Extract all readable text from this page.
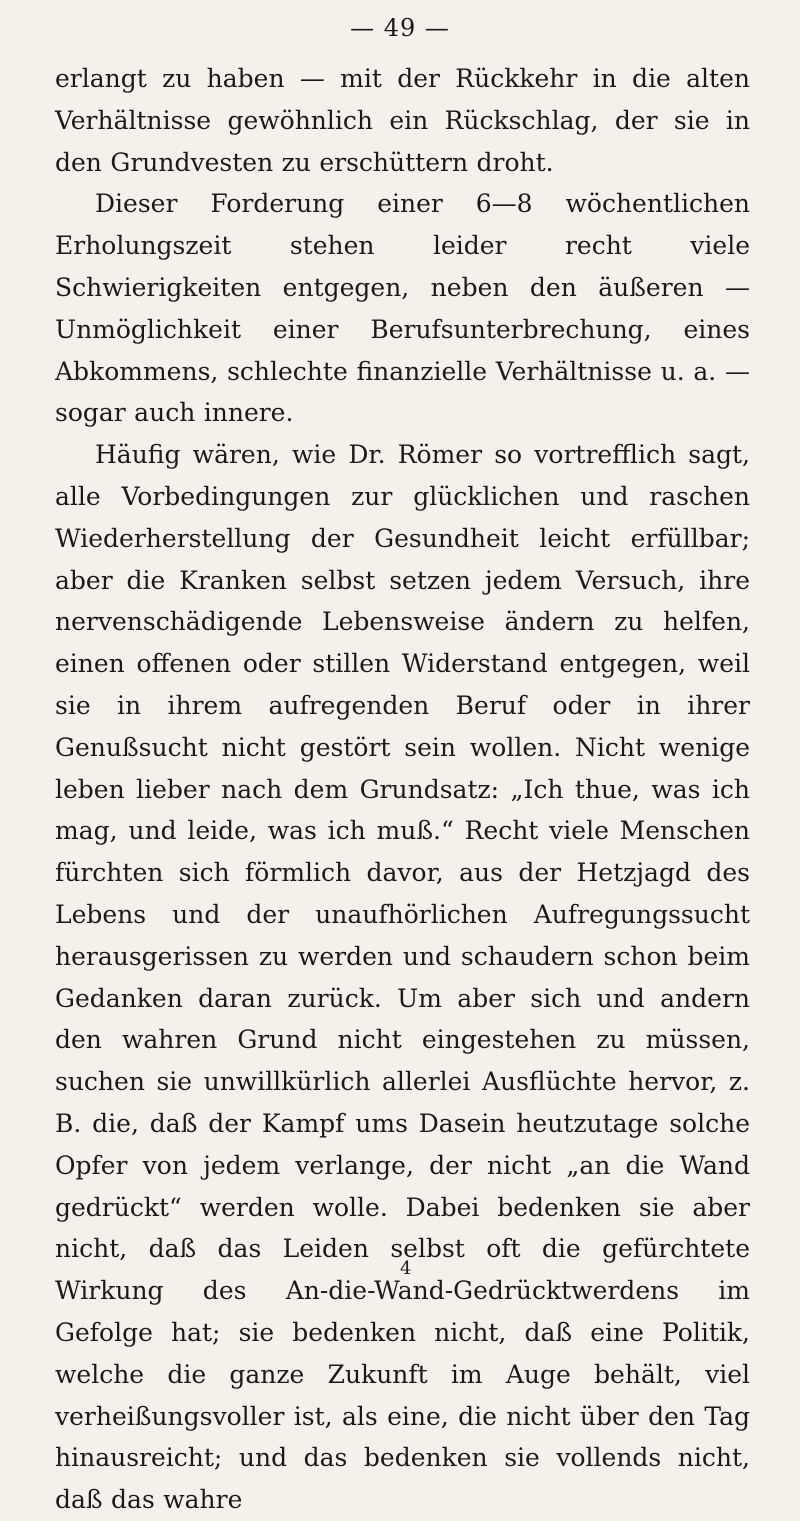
— 49 —

erlangt zu haben — mit der Rückkehr in die alten Verhältnisse gewöhnlich ein Rückschlag, der sie in den Grundvesten zu erschüttern droht.

Dieser Forderung einer 6—8 wöchentlichen Erholungszeit stehen leider recht viele Schwierigkeiten entgegen, neben den äußeren — Unmöglichkeit einer Berufsunterbrechung, eines Abkommens, schlechte finanzielle Verhältnisse u. a. — sogar auch innere.

Häufig wären, wie Dr. Römer so vortrefflich sagt, alle Vorbedingungen zur glücklichen und raschen Wiederherstellung der Gesundheit leicht erfüllbar; aber die Kranken selbst setzen jedem Versuch, ihre nervenschädigende Lebensweise ändern zu helfen, einen offenen oder stillen Widerstand entgegen, weil sie in ihrem aufregenden Beruf oder in ihrer Genußsucht nicht gestört sein wollen. Nicht wenige leben lieber nach dem Grundsatz: „Ich thue, was ich mag, und leide, was ich muß.“ Recht viele Menschen fürchten sich förmlich davor, aus der Hetzjagd des Lebens und der unaufhörlichen Aufregungssucht herausgerissen zu werden und schaudern schon beim Gedanken daran zurück. Um aber sich und andern den wahren Grund nicht eingestehen zu müssen, suchen sie unwillkürlich allerlei Ausflüchte hervor, z. B. die, daß der Kampf ums Dasein heutzutage solche Opfer von jedem verlange, der nicht „an die Wand gedrückt“ werden wolle. Dabei bedenken sie aber nicht, daß das Leiden selbst oft die gefürchtete Wirkung des An-die-Wand-Gedrücktwerdens im Gefolge hat; sie bedenken nicht, daß eine Politik, welche die ganze Zukunft im Auge behält, viel verheißungsvoller ist, als eine, die nicht über den Tag hinausreicht; und das bedenken sie vollends nicht, daß das wahre

4
